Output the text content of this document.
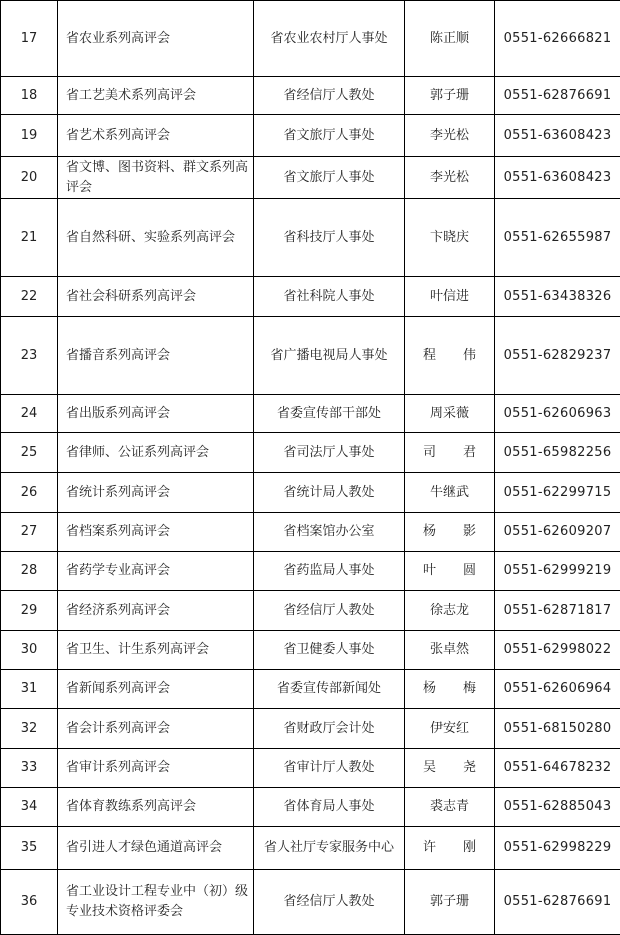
17	省农业系列高评会	省农业农村厅人事处	陈正顺	0551-62666821
18	省工艺美术系列高评会	省经信厅人教处	郭子珊	0551-62876691
19	省艺术系列高评会	省文旅厅人事处	李光松	0551-63608423
20	省文博、图书资料、群文系列高评会	省文旅厅人事处	李光松	0551-63608423
21	省自然科研、实验系列高评会	省科技厅人事处	卞晓庆	0551-62655987
22	省社会科研系列高评会	省社科院人事处	叶信进	0551-63438326
23	省播音系列高评会	省广播电视局人事处	程伟	0551-62829237
24	省出版系列高评会	省委宣传部干部处	周采薇	0551-62606963
25	省律师、公证系列高评会	省司法厅人事处	司君	0551-65982256
26	省统计系列高评会	省统计局人教处	牛继武	0551-62299715
27	省档案系列高评会	省档案馆办公室	杨影	0551-62609207
28	省药学专业高评会	省药监局人事处	叶圆	0551-62999219
29	省经济系列高评会	省经信厅人教处	徐志龙	0551-62871817
30	省卫生、计生系列高评会	省卫健委人事处	张卓然	0551-62998022
31	省新闻系列高评会	省委宣传部新闻处	杨梅	0551-62606964
32	省会计系列高评会	省财政厅会计处	伊安红	0551-68150280
33	省审计系列高评会	省审计厅人教处	吴尧	0551-64678232
34	省体育教练系列高评会	省体育局人事处	裘志青	0551-62885043
35	省引进人才绿色通道高评会	省人社厅专家服务中心	许刚	0551-62998229
36	省工业设计工程专业中（初）级专业技术资格评委会	省经信厅人教处	郭子珊	0551-62876691
